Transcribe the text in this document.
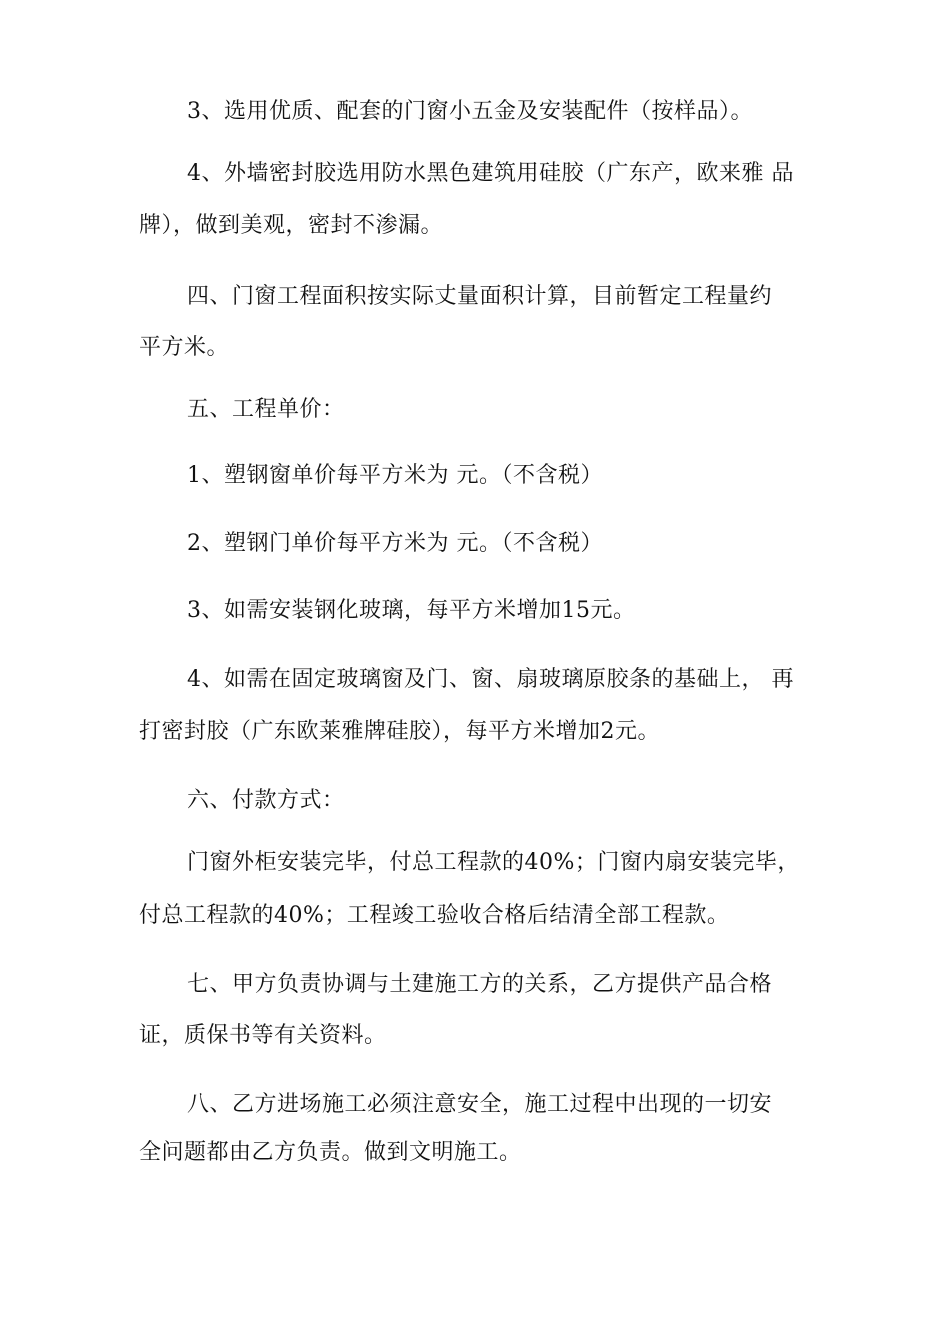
3、选用优质、配套的门窗小五金及安装配件（按样品）。
4、外墙密封胶选用防水黑色建筑用硅胶（广东产，欧来雅 品
牌），做到美观，密封不渗漏。
四、门窗工程面积按实际丈量面积计算，目前暂定工程量约
平方米。
五、工程单价：
1、塑钢窗单价每平方米为 元。（不含税）
2、塑钢门单价每平方米为 元。（不含税）
3、如需安装钢化玻璃，每平方米增加15元。
4、如需在固定玻璃窗及门、窗、扇玻璃原胶条的基础上， 再
打密封胶（广东欧莱雅牌硅胶），每平方米增加2元。
六、付款方式：
门窗外柜安装完毕，付总工程款的40%；门窗内扇安装完毕，
付总工程款的40%；工程竣工验收合格后结清全部工程款。
七、甲方负责协调与土建施工方的关系，乙方提供产品合格
证，质保书等有关资料。
八、乙方进场施工必须注意安全，施工过程中出现的一切安
全问题都由乙方负责。做到文明施工。
